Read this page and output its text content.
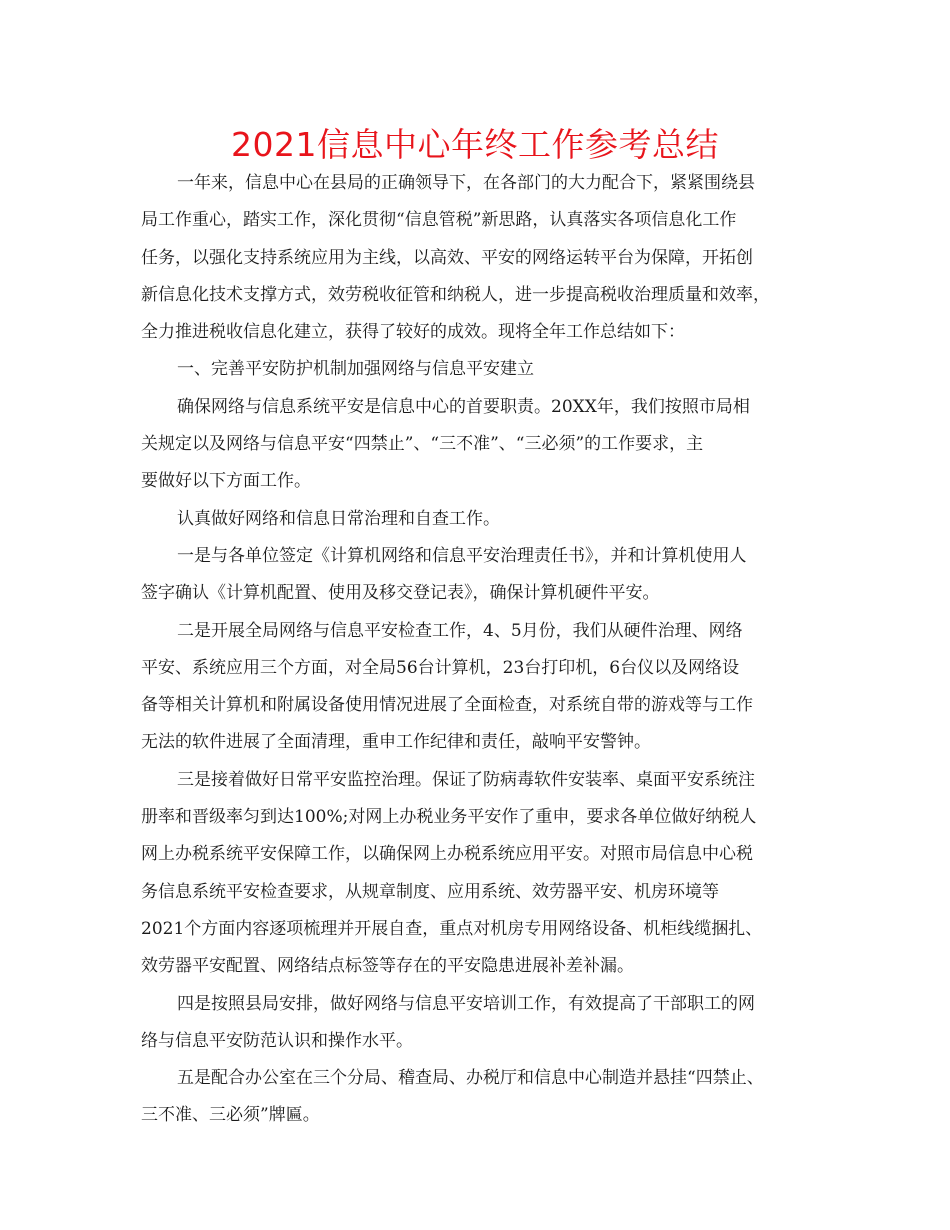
2021信息中心年终工作参考总结
一年来，信息中心在县局的正确领导下，在各部门的大力配合下，紧紧围绕县
局工作重心，踏实工作，深化贯彻“信息管税”新思路，认真落实各项信息化工作
任务，以强化支持系统应用为主线，以高效、平安的网络运转平台为保障，开拓创
新信息化技术支撑方式，效劳税收征管和纳税人，进一步提高税收治理质量和效率，
全力推进税收信息化建立，获得了较好的成效。现将全年工作总结如下：
一、完善平安防护机制加强网络与信息平安建立
确保网络与信息系统平安是信息中心的首要职责。20XX年，我们按照市局相
关规定以及网络与信息平安“四禁止”、“三不准”、“三必须”的工作要求，主
要做好以下方面工作。
认真做好网络和信息日常治理和自查工作。
一是与各单位签定《计算机网络和信息平安治理责任书》，并和计算机使用人
签字确认《计算机配置、使用及移交登记表》，确保计算机硬件平安。
二是开展全局网络与信息平安检查工作，4、5月份，我们从硬件治理、网络
平安、系统应用三个方面，对全局56台计算机，23台打印机，6台仪以及网络设
备等相关计算机和附属设备使用情况进展了全面检查，对系统自带的游戏等与工作
无法的软件进展了全面清理，重申工作纪律和责任，敲响平安警钟。
三是接着做好日常平安监控治理。保证了防病毒软件安装率、桌面平安系统注
册率和晋级率匀到达100%;对网上办税业务平安作了重申，要求各单位做好纳税人
网上办税系统平安保障工作，以确保网上办税系统应用平安。对照市局信息中心税
务信息系统平安检查要求，从规章制度、应用系统、效劳器平安、机房环境等
2021个方面内容逐项梳理并开展自查，重点对机房专用网络设备、机柜线缆捆扎、
效劳器平安配置、网络结点标签等存在的平安隐患进展补差补漏。
四是按照县局安排，做好网络与信息平安培训工作，有效提高了干部职工的网
络与信息平安防范认识和操作水平。
五是配合办公室在三个分局、稽查局、办税厅和信息中心制造并悬挂“四禁止、
三不准、三必须”牌匾。
